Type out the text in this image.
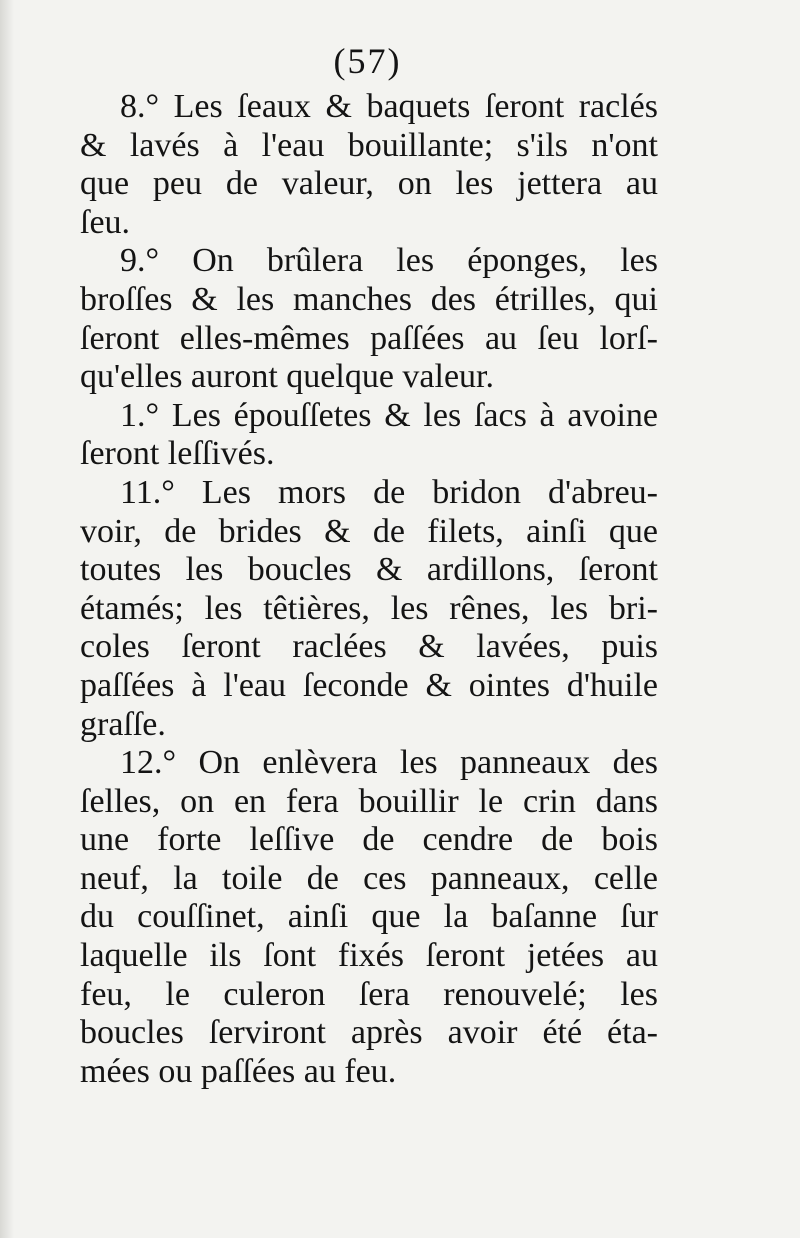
(57)
8.° Les ſeaux & baquets ſeront raclés
& lavés à l'eau bouillante; s'ils n'ont
que peu de valeur, on les jettera au
ſeu.
9.° On brûlera les éponges, les
broſſes & les manches des étrilles, qui
ſeront elles-mêmes paſſées au ſeu lorſ-
qu'elles auront quelque valeur.
1.° Les épouſſetes & les ſacs à avoine
ſeront leſſivés.
11.° Les mors de bridon d'abreu-
voir, de brides & de filets, ainſi que
toutes les boucles & ardillons, ſeront
étamés; les têtières, les rênes, les bri-
coles ſeront raclées & lavées, puis
paſſées à l'eau ſeconde & ointes d'huile
graſſe.
12.° On enlèvera les panneaux des
ſelles, on en fera bouillir le crin dans
une forte leſſive de cendre de bois
neuf, la toile de ces panneaux, celle
du couſſinet, ainſi que la baſanne ſur
laquelle ils ſont fixés ſeront jetées au
feu, le culeron ſera renouvelé; les
boucles ſerviront après avoir été éta-
mées ou paſſées au feu.
